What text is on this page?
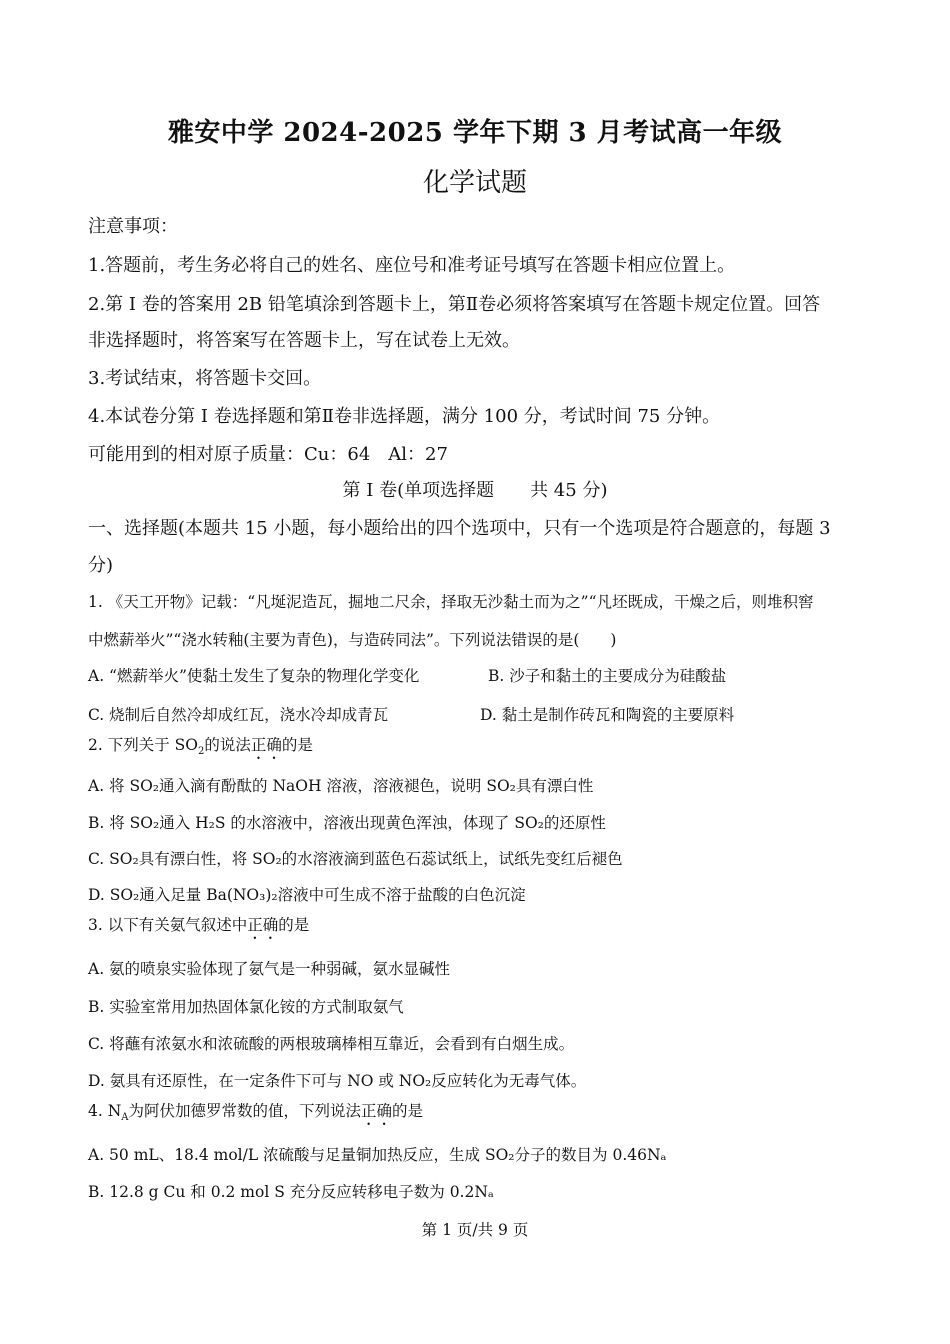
雅安中学 2024-2025 学年下期 3 月考试高一年级
化学试题
注意事项：
1.答题前，考生务必将自己的姓名、座位号和准考证号填写在答题卡相应位置上。
2.第 I 卷的答案用 2B 铅笔填涂到答题卡上，第Ⅱ卷必须将答案填写在答题卡规定位置。回答
非选择题时，将答案写在答题卡上，写在试卷上无效。
3.考试结束，将答题卡交回。
4.本试卷分第 I 卷选择题和第Ⅱ卷非选择题，满分 100 分，考试时间 75 分钟。
可能用到的相对原子质量：Cu：64　Al：27
第 I 卷(单项选择题　　共 45 分)
一、选择题(本题共 15 小题，每小题给出的四个选项中，只有一个选项是符合题意的，每题 3
分)
1. 《天工开物》记载：“凡埏泥造瓦，掘地二尺余，择取无沙黏土而为之”“凡坯既成，干燥之后，则堆积窖
中燃薪举火”“浇水转釉(主要为青色)，与造砖同法”。下列说法错误的是(　　)
A. “燃薪举火”使黏土发生了复杂的物理化学变化	B. 沙子和黏土的主要成分为硅酸盐
C. 烧制后自然冷却成红瓦，浇水冷却成青瓦	D. 黏土是制作砖瓦和陶瓷的主要原料
2. 下列关于 $SO_2$的说法正确的是
A. 将 SO₂通入滴有酚酞的 NaOH 溶液，溶液褪色，说明 SO₂具有漂白性
B. 将 SO₂通入 H₂S 的水溶液中，溶液出现黄色浑浊，体现了 SO₂的还原性
C. SO₂具有漂白性，将 SO₂的水溶液滴到蓝色石蕊试纸上，试纸先变红后褪色
D. SO₂通入足量 Ba(NO₃)₂溶液中可生成不溶于盐酸的白色沉淀
3. 以下有关氨气叙述中正确的是
A. 氨的喷泉实验体现了氨气是一种弱碱，氨水显碱性
B. 实验室常用加热固体氯化铵的方式制取氨气
C. 将蘸有浓氨水和浓硫酸的两根玻璃棒相互靠近，会看到有白烟生成。
D. 氨具有还原性，在一定条件下可与 NO 或 NO₂反应转化为无毒气体。
4. $N_A$为阿伏加德罗常数的值，下列说法正确的是
A. 50 mL、18.4 mol/L 浓硫酸与足量铜加热反应，生成 SO₂分子的数目为 0.46Nₐ
B. 12.8 g Cu 和 0.2 mol S 充分反应转移电子数为 0.2Nₐ
第 1 页/共 9 页
